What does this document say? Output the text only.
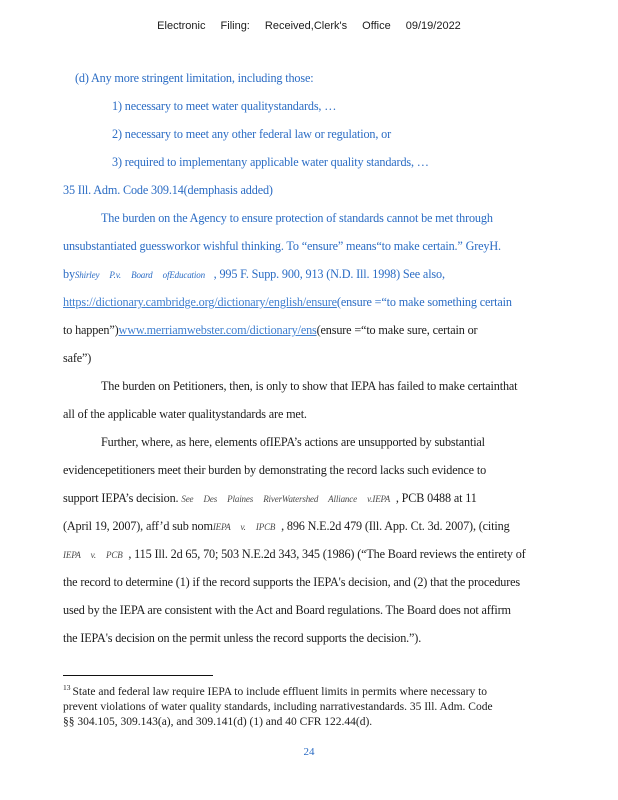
Electronic Filing: Received,Clerk's Office 09/19/2022
(d) Any more stringent limitation, including those:
1) necessary to meet water qualitystandards, …
2) necessary to meet any other federal law or regulation, or
3) required to implementany applicable water quality standards, …
35 Ill. Adm. Code 309.14(demphasis added)
The burden on the Agency to ensure protection of standards cannot be met through
unsubstantiated guessworkor wishful thinking. To “ensure” means“to make certain.” GreyH.
byShirley P.v. Board ofEducation   , 995 F. Supp. 900, 913 (N.D. Ill. 1998) See also,
https://dictionary.cambridge.org/dictionary/english/ensure(ensure =“to make something certain
to happen”)www.merriamwebster.com/dictionary/ens(ensure =“to make sure, certain or
safe”)
The burden on Petitioners, then, is only to show that IEPA has failed to make certainthat
all of the applicable water qualitystandards are met.
Further, where, as here, elements ofIEPA’s actions are unsupported by substantial
evidencepetitioners meet their burden by demonstrating the record lacks such evidence to
support IEPA’s decision. See Des Plaines RiverWatershed Alliance v.IEPA  , PCB 0488 at 11
(April 19, 2007), aff’d sub nomIEPA v. IPCB  , 896 N.E.2d 479 (Ill. App. Ct. 3d. 2007), (citing
IEPA v. PCB  , 115 Ill. 2d 65, 70; 503 N.E.2d 343, 345 (1986) (“The Board reviews the entirety of
the record to determine (1) if the record supports the IEPA's decision, and (2) that the procedures
used by the IEPA are consistent with the Act and Board regulations. The Board does not affirm
the IEPA's decision on the permit unless the record supports the decision.”).
$^{13}$ State and federal law require IEPA to include effluent limits in permits where necessary to
prevent violations of water quality standards, including narrativestandards. 35 Ill. Adm. Code
§§ 304.105, 309.143(a), and 309.141(d) (1) and 40 CFR 122.44(d).
24
